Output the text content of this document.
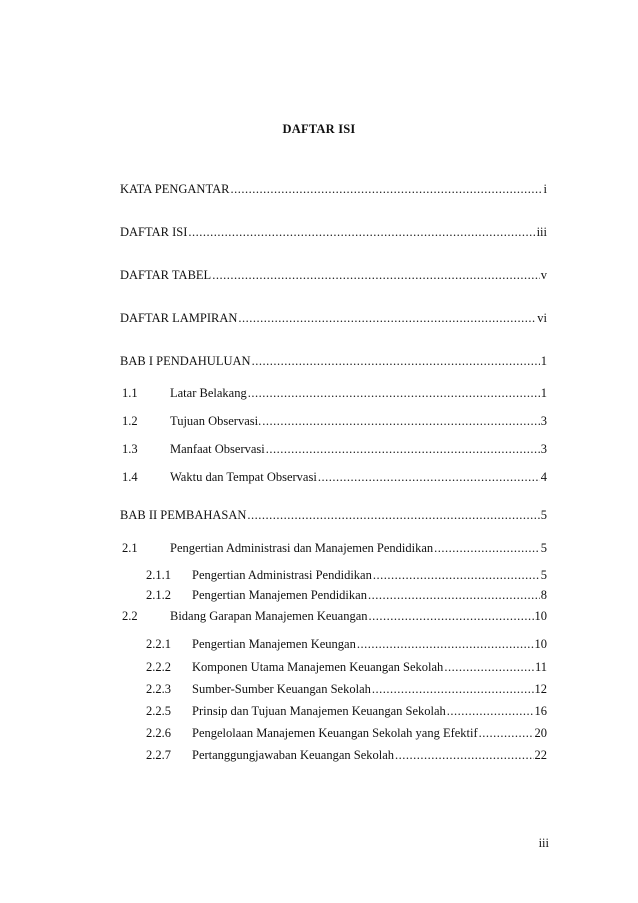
DAFTAR ISI
KATA PENGANTAR .....	i
DAFTAR ISI .....	iii
DAFTAR TABEL .....	v
DAFTAR LAMPIRAN .....	vi
BAB I PENDAHULUAN .....	1
1.1	Latar Belakang .....	1
1.2	Tujuan Observasi. .....	3
1.3	Manfaat Observasi .....	3
1.4	Waktu dan Tempat Observasi .....	4
BAB II PEMBAHASAN .....	5
2.1	Pengertian Administrasi dan Manajemen Pendidikan .....	5
2.1.1	Pengertian Administrasi Pendidikan .....	5
2.1.2	Pengertian Manajemen Pendidikan .....	8
2.2	Bidang Garapan Manajemen Keuangan .....	10
2.2.1	Pengertian Manajemen Keungan .....	10
2.2.2	Komponen Utama Manajemen Keuangan Sekolah .....	11
2.2.3	Sumber-Sumber Keuangan Sekolah .....	12
2.2.5	Prinsip dan Tujuan Manajemen Keuangan Sekolah .....	16
2.2.6	Pengelolaan Manajemen Keuangan Sekolah yang Efektif .....	20
2.2.7	Pertanggungjawaban Keuangan Sekolah .....	22
iii
